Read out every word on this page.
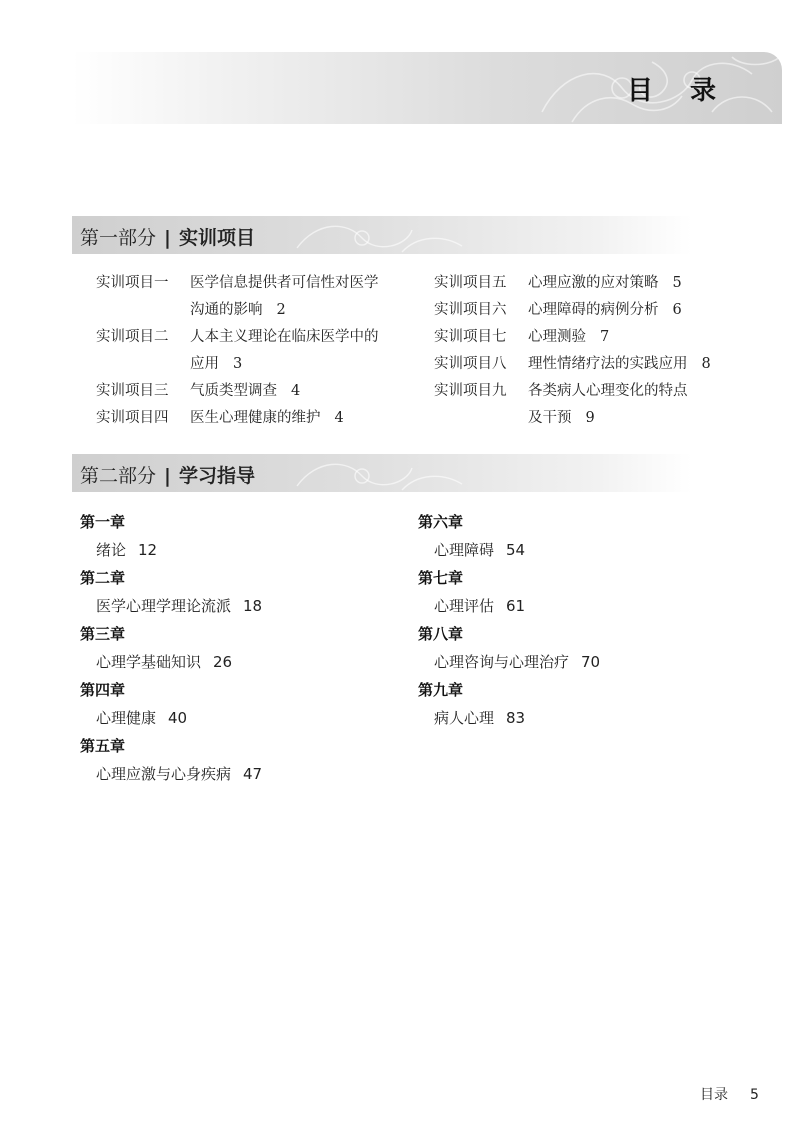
目 录
第一部分 | 实训项目
实训项目一	医学信息提供者可信性对医学
沟通的影响 2
实训项目二	人本主义理论在临床医学中的
应用 3
实训项目三	气质类型调查 4
实训项目四	医生心理健康的维护 4
实训项目五	心理应激的应对策略 5
实训项目六	心理障碍的病例分析 6
实训项目七	心理测验 7
实训项目八	理性情绪疗法的实践应用 8
实训项目九	各类病人心理变化的特点
及干预 9
第二部分 | 学习指导
第一章
绪论 12
第二章
医学心理学理论流派 18
第三章
心理学基础知识 26
第四章
心理健康 40
第五章
心理应激与心身疾病 47
第六章
心理障碍 54
第七章
心理评估 61
第八章
心理咨询与心理治疗 70
第九章
病人心理 83
目录 5
